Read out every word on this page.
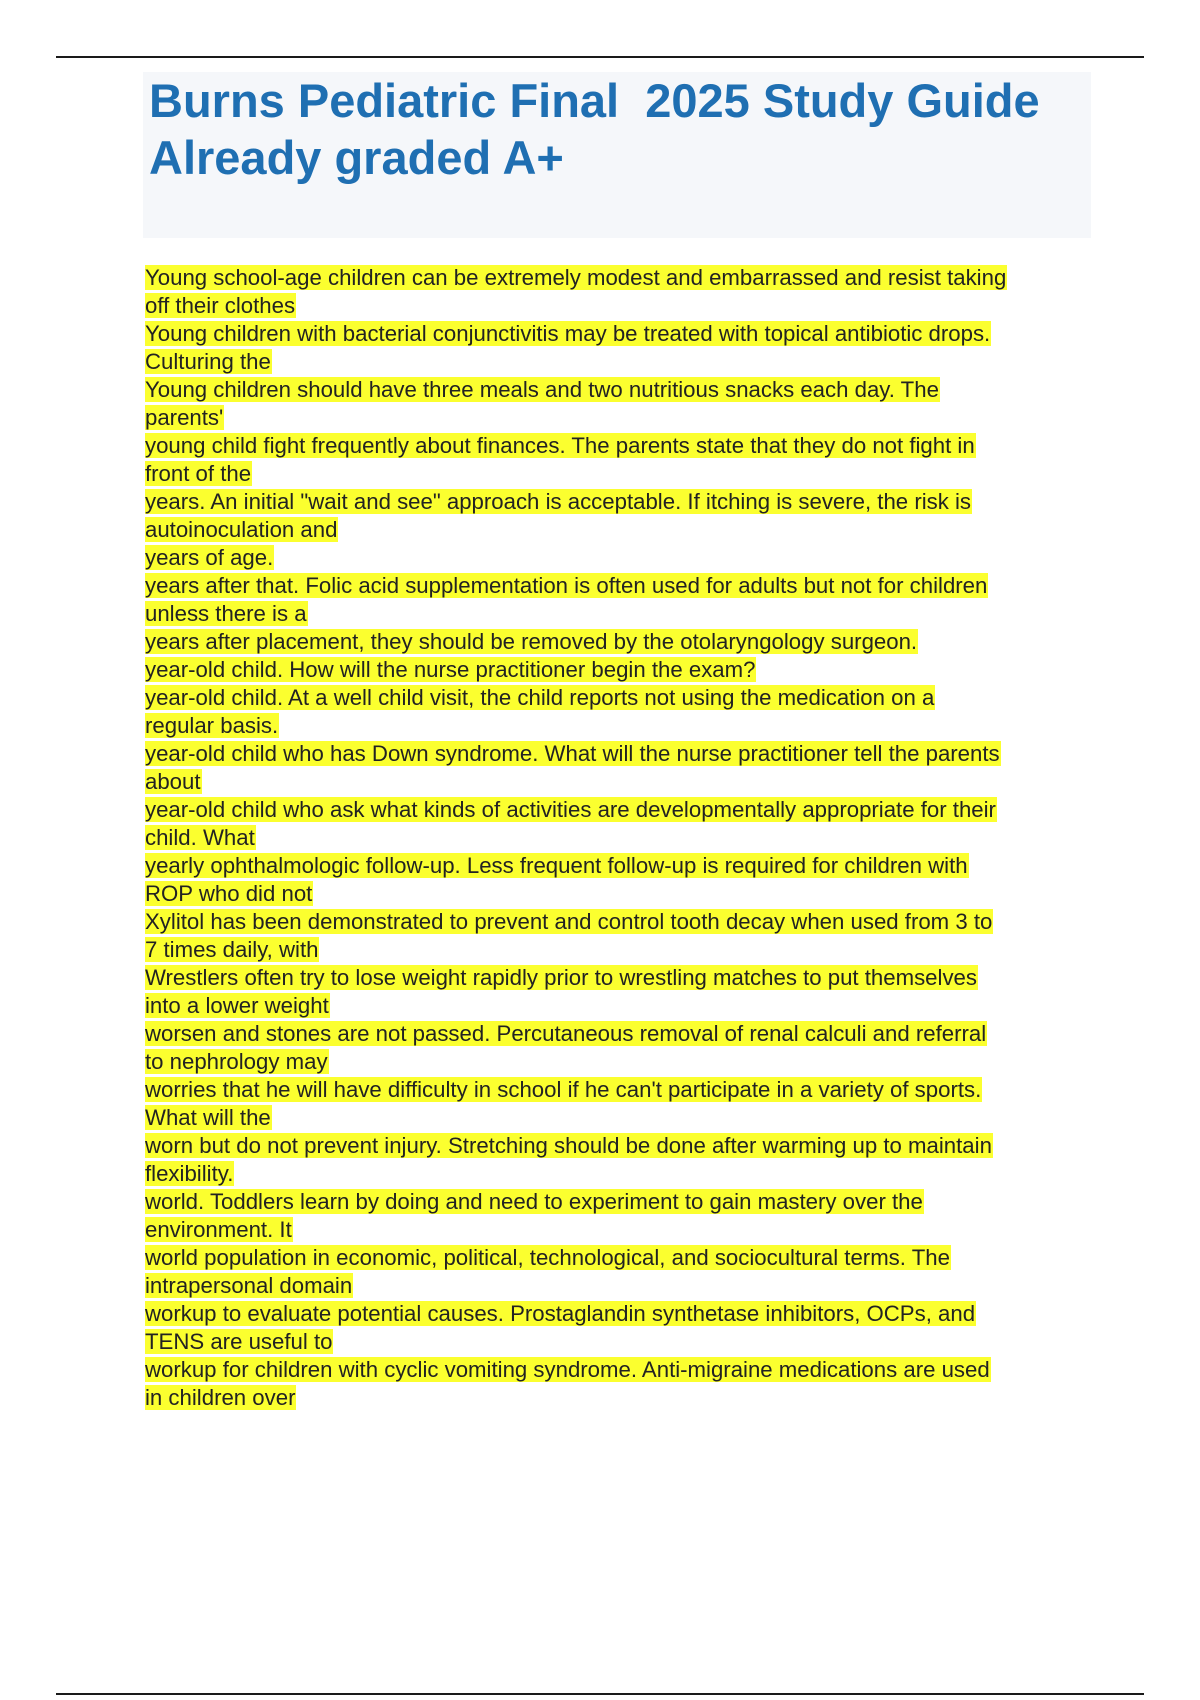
Burns Pediatric Final  2025 Study Guide
Already graded A+
Young school-age children can be extremely modest and embarrassed and resist taking
off their clothes
Young children with bacterial conjunctivitis may be treated with topical antibiotic drops.
Culturing the
Young children should have three meals and two nutritious snacks each day. The
parents'
young child fight frequently about finances. The parents state that they do not fight in
front of the
years. An initial "wait and see" approach is acceptable. If itching is severe, the risk is
autoinoculation and
years of age.
years after that. Folic acid supplementation is often used for adults but not for children
unless there is a
years after placement, they should be removed by the otolaryngology surgeon.
year-old child. How will the nurse practitioner begin the exam?
year-old child. At a well child visit, the child reports not using the medication on a
regular basis.
year-old child who has Down syndrome. What will the nurse practitioner tell the parents
about
year-old child who ask what kinds of activities are developmentally appropriate for their
child. What
yearly ophthalmologic follow-up. Less frequent follow-up is required for children with
ROP who did not
Xylitol has been demonstrated to prevent and control tooth decay when used from 3 to
7 times daily, with
Wrestlers often try to lose weight rapidly prior to wrestling matches to put themselves
into a lower weight
worsen and stones are not passed. Percutaneous removal of renal calculi and referral
to nephrology may
worries that he will have difficulty in school if he can't participate in a variety of sports.
What will the
worn but do not prevent injury. Stretching should be done after warming up to maintain
flexibility.
world. Toddlers learn by doing and need to experiment to gain mastery over the
environment. It
world population in economic, political, technological, and sociocultural terms. The
intrapersonal domain
workup to evaluate potential causes. Prostaglandin synthetase inhibitors, OCPs, and
TENS are useful to
workup for children with cyclic vomiting syndrome. Anti-migraine medications are used
in children over
